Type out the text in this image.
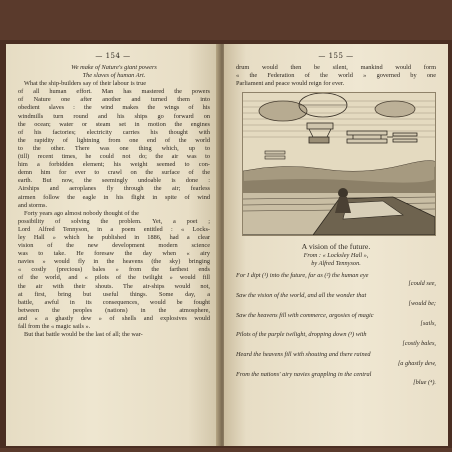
— 154 —
We make of Nature's giant powers
The slaves of human Art.
What the ship-builders say of their labour is true
of all human effort. Man has mastered the powers
of Nature one after another and turned them into
obedient slaves : the wind makes the wings of his
windmills turn round and his ships go forward on
the ocean; water or steam set in motion the engines
of his factories; electricity carries his thought with
the rapidity of lightning from one end of the world
to the other. There was one thing which, up to
(till) recent times, he could not do; the air was to
him a forbidden element; his weight seemed to con-
demn him for ever to crawl on the surface of the
earth. But now, the seemingly undoable is done :
Airships and aeroplanes fly through the air; fearless
airmen follow the eagle in his flight in spite of wind
and storms.
Forty years ago almost nobody thought of the
possibility of solving the problem. Yet, a poet ;
Lord Alfred Tennyson, in a poem entitled : « Locks-
ley Hall » which he published in 1886, had a clear
vision of the new development modern science
was to take. He foresaw the day when « airy
navies » would fly in the heavens (the sky) bringing
« costly (precious) bales » from the farthest ends
of the world, and « pilots of the twilight » would fill
the air with their shouts. The air-ships would not,
at first, bring but useful things. Some day, a
battle, awful in its consequences, would be fought
between the peoples (nations) in the atmosphere,
and « a ghastly dew » of shells and explosives would
fall from the « magic sails ».
But that battle would be the last of all; the war-
— 155 —
drum would then be silent, mankind would form
« the Federation of the world » governed by one
Parliament and peace would reign for ever.
A vision of the future.
From : « Locksley Hall »,
by Alfred Tennyson.
For I dipt (¹) into the future, far as (²) the human eye
[could see,
Saw the vision of the world, and all the wonder that
[would be;
Saw the heavens fill with commerce, argosies of magic
[sails,
Pilots of the purple twilight, dropping down (³) with
[costly bales,
Heard the heavens fill with shouting and there rained
[a ghastly dew,
From the nations' airy navies grappling in the central
[blue (⁴).
